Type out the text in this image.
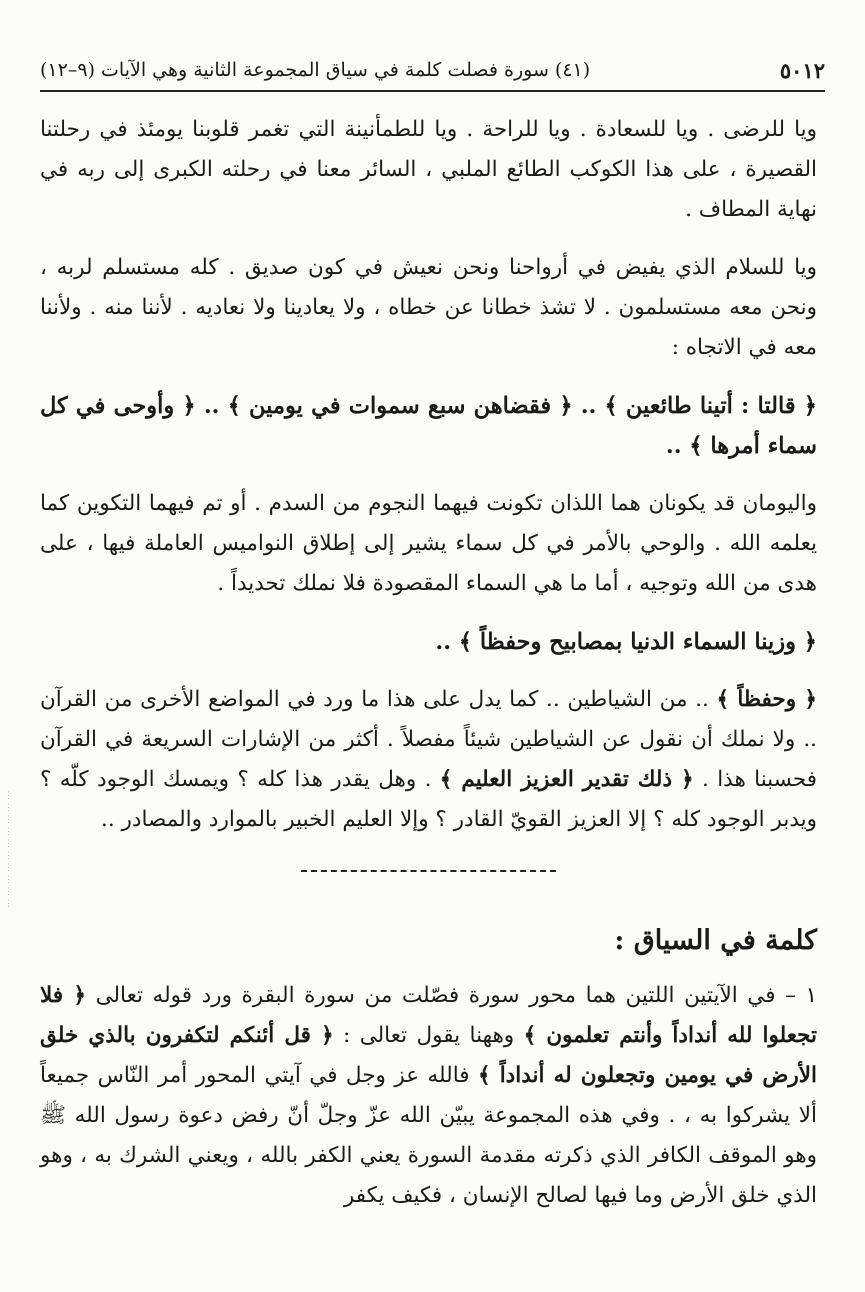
٥٠١٢
(٤١) سورة فصلت كلمة في سياق المجموعة الثانية وهي الآيات (٩–١٢)

ويا للرضى . ويا للسعادة . ويا للراحة . ويا للطمأنينة التي تغمر قلوبنا يومئذ في رحلتنا القصيرة ، على هذا الكوكب الطائع الملبي ، السائر معنا في رحلته الكبرى إلى ربه في نهاية المطاف .

ويا للسلام الذي يفيض في أرواحنا ونحن نعيش في كون صديق . كله مستسلم لربه ، ونحن معه مستسلمون . لا تشذ خطانا عن خطاه ، ولا يعادينا ولا نعاديه . لأننا منه . ولأننا معه في الاتجاه :

﴿ قالتا : أتينا طائعين ﴾ .. ﴿ فقضاهن سبع سموات في يومين ﴾ .. ﴿ وأوحى في كل سماء أمرها ﴾ ..

واليومان قد يكونان هما اللذان تكونت فيهما النجوم من السدم . أو تم فيهما التكوين كما يعلمه الله . والوحي بالأمر في كل سماء يشير إلى إطلاق النواميس العاملة فيها ، على هدى من الله وتوجيه ، أما ما هي السماء المقصودة فلا نملك تحديداً .

﴿ وزينا السماء الدنيا بمصابيح وحفظاً ﴾ ..

﴿ وحفظاً ﴾ .. من الشياطين .. كما يدل على هذا ما ورد في المواضع الأخرى من القرآن .. ولا نملك أن نقول عن الشياطين شيئاً مفصلاً . أكثر من الإشارات السريعة في القرآن فحسبنا هذا . ﴿ ذلك تقدير العزيز العليم ﴾ . وهل يقدر هذا كله ؟ ويمسك الوجود كلّه ؟ ويدبر الوجود كله ؟ إلا العزيز القويّ القادر ؟ وإلا العليم الخبير بالموارد والمصادر ..

كلمة في السياق :

١ – في الآيتين اللتين هما محور سورة فصّلت من سورة البقرة ورد قوله تعالى ﴿ فلا تجعلوا لله أنداداً وأنتم تعلمون ﴾ وههنا يقول تعالى : ﴿ قل أئنكم لتكفرون بالذي خلق الأرض في يومين وتجعلون له أنداداً ﴾ فالله عز وجل في آيتي المحور أمر النّاس جميعاً ألا يشركوا به ، . وفي هذه المجموعة يبيّن الله عزّ وجلّ أنّ رفض دعوة رسول الله ﷺ وهو الموقف الكافر الذي ذكرته مقدمة السورة يعني الكفر بالله ، ويعني الشرك به ، وهو الذي خلق الأرض وما فيها لصالح الإنسان ، فكيف يكفر

⋮
⋮
⋮
⋮
⋮
⋮
⋮
⋮
⋮
⋮
